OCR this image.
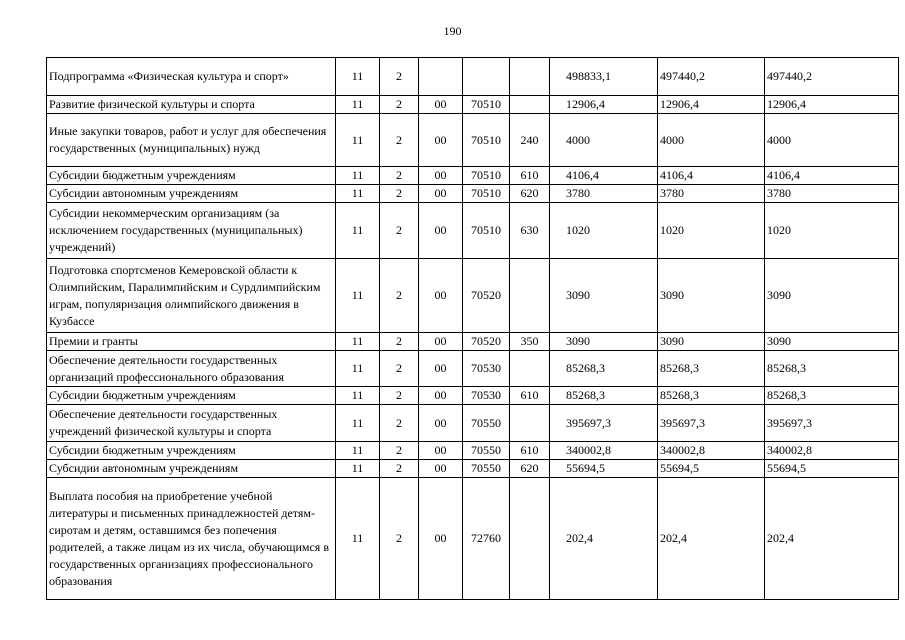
190
Подпрограмма «Физическая культура и спорт»	11	2				498833,1	497440,2	497440,2
Развитие физической культуры и спорта	11	2	00	70510		12906,4	12906,4	12906,4
Иные закупки товаров, работ и услуг для обеспечения государственных (муниципальных) нужд	11	2	00	70510	240	4000	4000	4000
Субсидии бюджетным учреждениям	11	2	00	70510	610	4106,4	4106,4	4106,4
Субсидии автономным учреждениям	11	2	00	70510	620	3780	3780	3780
Субсидии некоммерческим организациям (за исключением государственных (муниципальных) учреждений)	11	2	00	70510	630	1020	1020	1020
Подготовка спортсменов Кемеровской области к Олимпийским, Паралимпийским и Сурдлимпийским играм, популяризация олимпийского движения в Кузбассе	11	2	00	70520		3090	3090	3090
Премии и гранты	11	2	00	70520	350	3090	3090	3090
Обеспечение деятельности государственных организаций профессионального образования	11	2	00	70530		85268,3	85268,3	85268,3
Субсидии бюджетным учреждениям	11	2	00	70530	610	85268,3	85268,3	85268,3
Обеспечение деятельности государственных учреждений физической культуры и спорта	11	2	00	70550		395697,3	395697,3	395697,3
Субсидии бюджетным учреждениям	11	2	00	70550	610	340002,8	340002,8	340002,8
Субсидии автономным учреждениям	11	2	00	70550	620	55694,5	55694,5	55694,5
Выплата пособия на приобретение учебной литературы и письменных принадлежностей детям-сиротам и детям, оставшимся без попечения родителей, а также лицам из их числа, обучающимся в государственных организациях профессионального образования	11	2	00	72760		202,4	202,4	202,4
